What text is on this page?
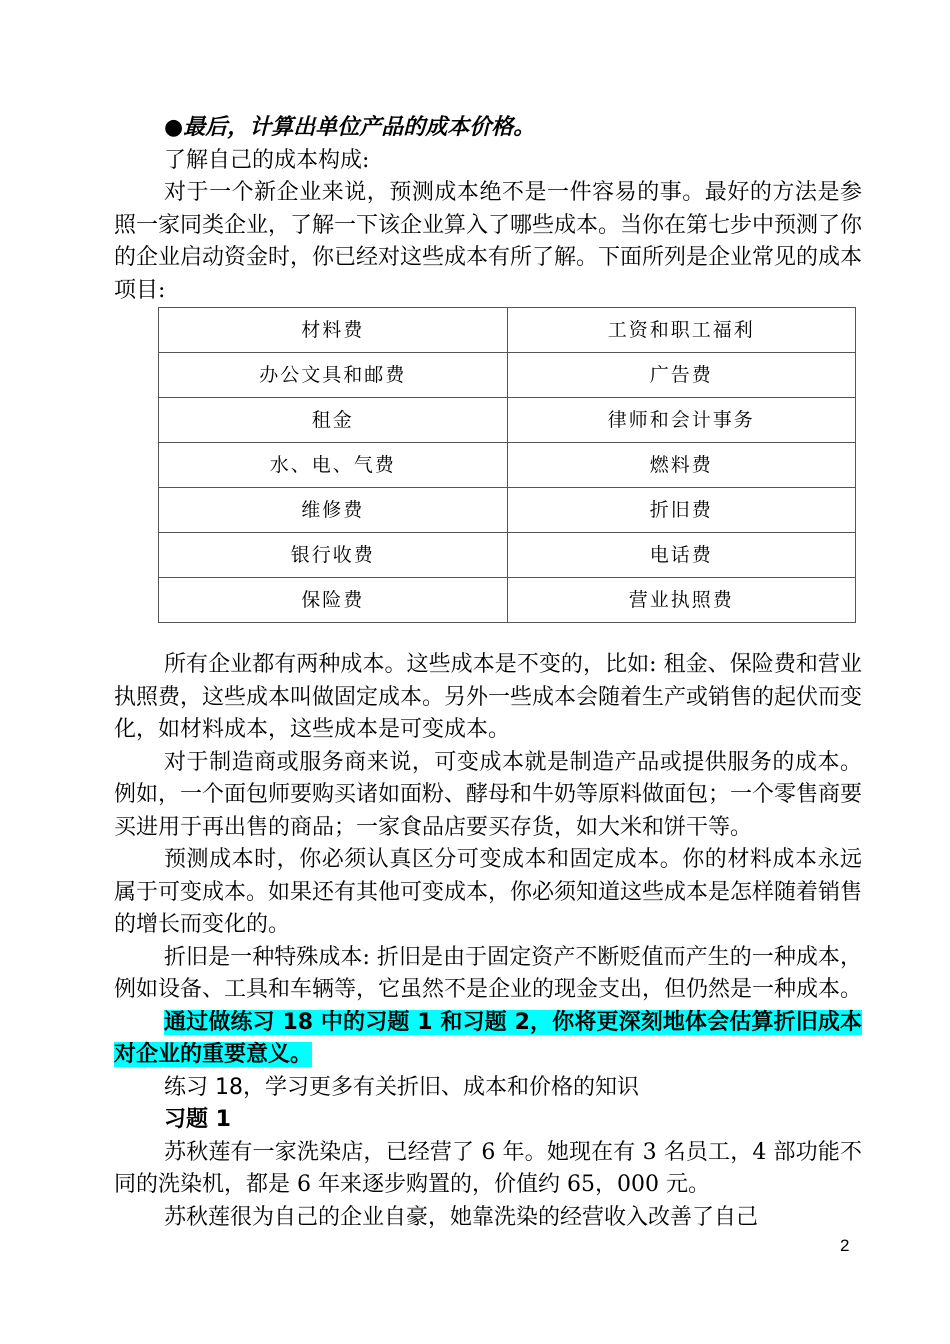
●最后，计算出单位产品的成本价格。

了解自己的成本构成:

对于一个新企业来说，预测成本绝不是一件容易的事。最好的方法是参照一家同类企业，了解一下该企业算入了哪些成本。当你在第七步中预测了你的企业启动资金时，你已经对这些成本有所了解。下面所列是企业常见的成本项目:

材料费	工资和职工福利
办公文具和邮费	广告费
租金	律师和会计事务
水、电、气费	燃料费
维修费	折旧费
银行收费	电话费
保险费	营业执照费

所有企业都有两种成本。这些成本是不变的，比如: 租金、保险费和营业执照费，这些成本叫做固定成本。另外一些成本会随着生产或销售的起伏而变化，如材料成本，这些成本是可变成本。

对于制造商或服务商来说，可变成本就是制造产品或提供服务的成本。例如，一个面包师要购买诸如面粉、酵母和牛奶等原料做面包；一个零售商要买进用于再出售的商品；一家食品店要买存货，如大米和饼干等。

预测成本时，你必须认真区分可变成本和固定成本。你的材料成本永远属于可变成本。如果还有其他可变成本，你必须知道这些成本是怎样随着销售的增长而变化的。

折旧是一种特殊成本: 折旧是由于固定资产不断贬值而产生的一种成本，例如设备、工具和车辆等，它虽然不是企业的现金支出，但仍然是一种成本。

通过做练习 18 中的习题 1 和习题 2，你将更深刻地体会估算折旧成本对企业的重要意义。

练习 18，学习更多有关折旧、成本和价格的知识

习题 1

苏秋莲有一家洗染店，已经营了 6 年。她现在有 3 名员工，4 部功能不同的洗染机，都是 6 年来逐步购置的，价值约 65，000 元。

苏秋莲很为自己的企业自豪，她靠洗染的经营收入改善了自己

2
